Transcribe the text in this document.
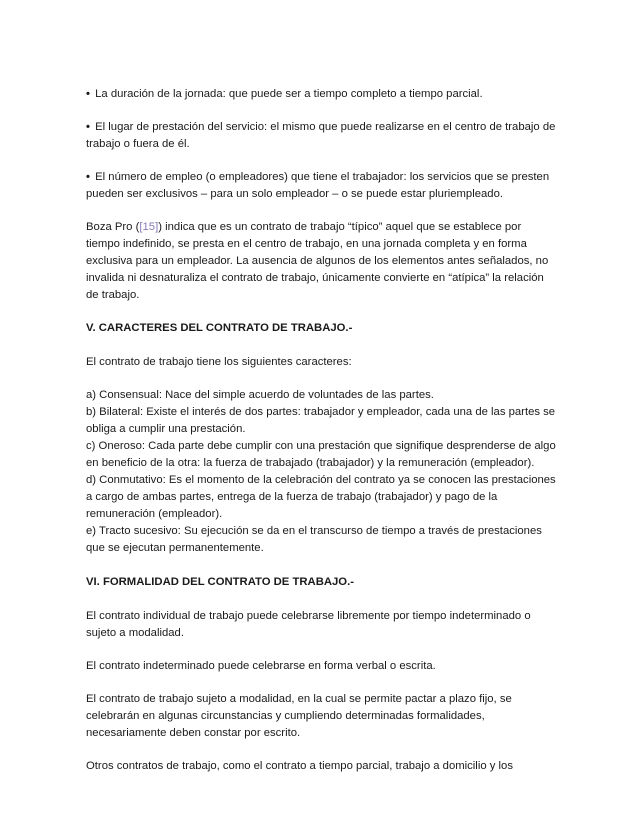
• La duración de la jornada: que puede ser a tiempo completo a tiempo parcial.

• El lugar de prestación del servicio: el mismo que puede realizarse en el centro de trabajo de trabajo o fuera de él.

• El número de empleo (o empleadores) que tiene el trabajador: los servicios que se presten pueden ser exclusivos – para un solo empleador – o se puede estar pluriempleado.

Boza Pro ([15]) indica que es un contrato de trabajo “típico” aquel que se establece por tiempo indefinido, se presta en el centro de trabajo, en una jornada completa y en forma exclusiva para un empleador. La ausencia de algunos de los elementos antes señalados, no invalida ni desnaturaliza el contrato de trabajo, únicamente convierte en “atípica” la relación de trabajo.

V. CARACTERES DEL CONTRATO DE TRABAJO.-

El contrato de trabajo tiene los siguientes caracteres:

a) Consensual: Nace del simple acuerdo de voluntades de las partes.
b) Bilateral: Existe el interés de dos partes: trabajador y empleador, cada una de las partes se obliga a cumplir una prestación.
c) Oneroso: Cada parte debe cumplir con una prestación que signifique desprenderse de algo en beneficio de la otra: la fuerza de trabajado (trabajador) y la remuneración (empleador).
d) Conmutativo: Es el momento de la celebración del contrato ya se conocen las prestaciones a cargo de ambas partes, entrega de la fuerza de trabajo (trabajador) y pago de la remuneración (empleador).
e) Tracto sucesivo: Su ejecución se da en el transcurso de tiempo a través de prestaciones que se ejecutan permanentemente.

VI. FORMALIDAD DEL CONTRATO DE TRABAJO.-

El contrato individual de trabajo puede celebrarse libremente por tiempo indeterminado o sujeto a modalidad.

El contrato indeterminado puede celebrarse en forma verbal o escrita.

El contrato de trabajo sujeto a modalidad, en la cual se permite pactar a plazo fijo, se celebrarán en algunas circunstancias y cumpliendo determinadas formalidades, necesariamente deben constar por escrito.

Otros contratos de trabajo, como el contrato a tiempo parcial, trabajo a domicilio y los
